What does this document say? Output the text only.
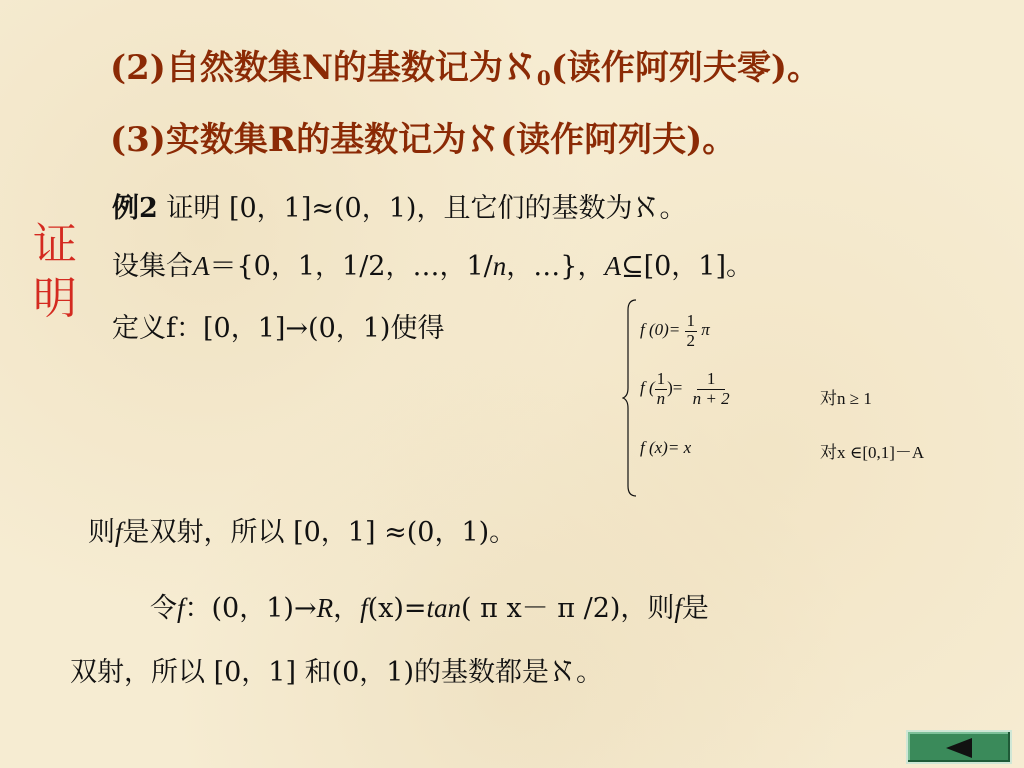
(2)自然数集N的基数记为ℵ$_0$(读作阿列夫零)。
(3)实数集R的基数记为ℵ(读作阿列夫)。
证
明
例2 证明 [0，1]≈(0，1)，且它们的基数为ℵ。
设集合A＝{0，1，1/2，…，1/n，…}，A⊆[0，1]。
定义f：[0，1]→(0，1)使得	f $(0)= \frac{1}{2}$ π
f ( $\frac{1}{n}$ )= $\frac{1}{n + 2}$	对n ≥ 1
f (x)= x	对x ∈[0,1]－A
则f是双射，所以 [0，1] ≈(0，1)。
令f：(0，1)→R，f(x)=tan( π x－ π /2)，则f是
双射，所以 [0，1] 和(0，1)的基数都是ℵ。
